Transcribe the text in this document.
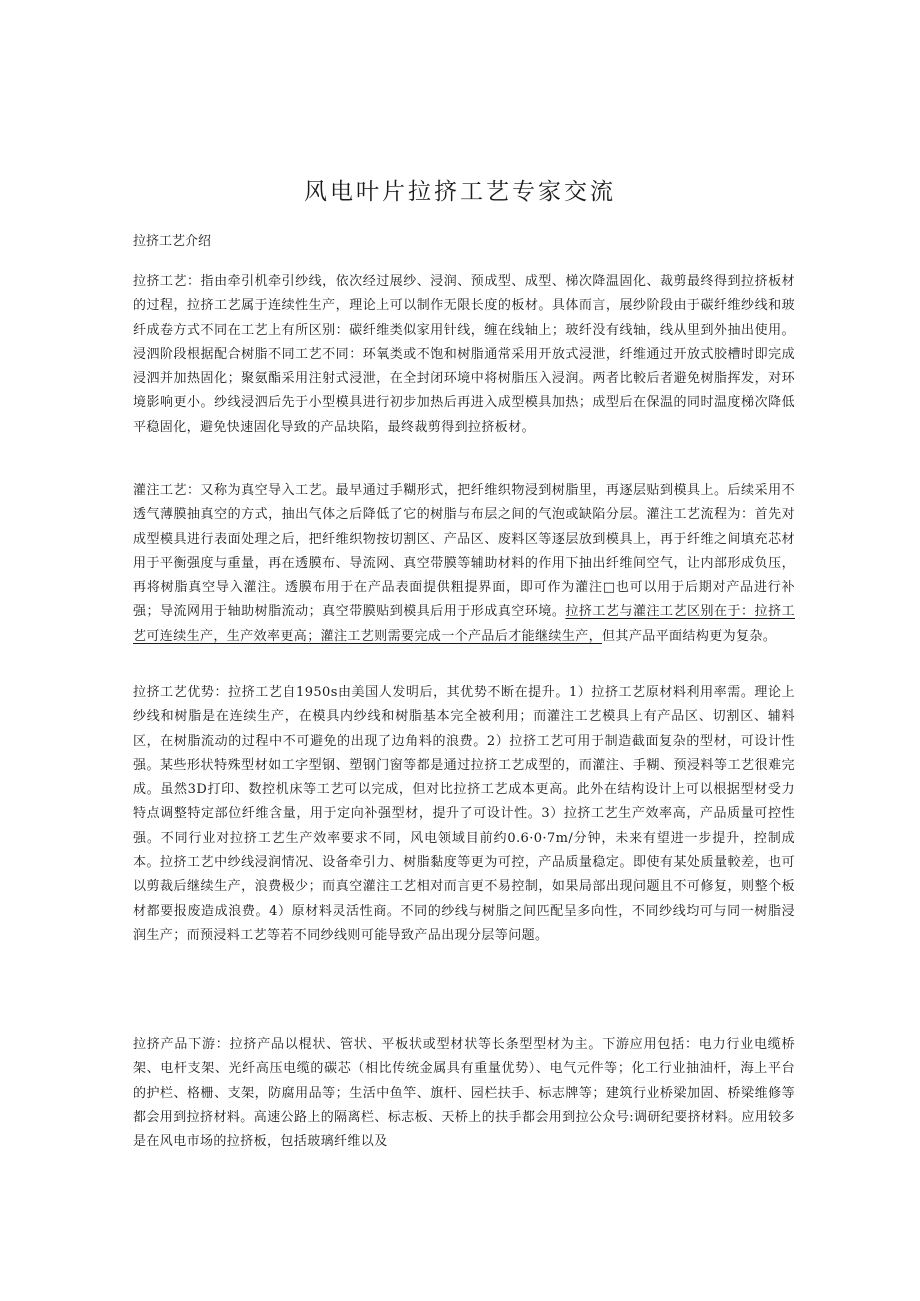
风电叶片拉挤工艺专家交流

拉挤工艺介绍

拉挤工艺：指由牵引机牵引纱线，依次经过展纱、浸润、预成型、成型、梯次降温固化、裁剪最终得到拉挤板材的过程，拉挤工艺属于连续性生产，理论上可以制作无限长度的板材。具体而言，展纱阶段由于碳纤维纱线和玻纤成卷方式不同在工艺上有所区别：碳纤维类似家用针线，缠在线轴上；玻纤没有线轴，线从里到外抽出使用。浸泗阶段根据配合树脂不同工艺不同：环氧类或不饱和树脂通常采用开放式浸泄，纤维通过开放式胶槽时即完成浸泗并加热固化；聚氨酯采用注射式浸泄，在全封闭环境中将树脂压入浸润。两者比較后者避免树脂挥发，对环境影响更小。纱线浸泗后先于小型模具进行初步加热后再进入成型模具加热；成型后在保温的同时温度梯次降低平稳固化，避免快速固化导致的产品块陷，最终裁剪得到拉挤板材。

灌注工艺：又称为真空导入工艺。最早通过手糊形式，把纤维织物浸到树脂里，再逐层贴到模具上。后续采用不透气薄膜抽真空的方式，抽出气体之后降低了它的树脂与布层之间的气泡或缺陷分层。灌注工艺流程为：首先对成型模具进行表面处理之后，把纤维织物按切割区、产品区、废料区等逐层放到模具上，再于纤维之间填充芯材用于平衡强度与重量，再在透膜布、导流网、真空带膜等辅助材料的作用下抽出纤维间空气，让内部形成负压，再将树脂真空导入灌注。透膜布用于在产品表面提供粗提界面，即可作为灌注□也可以用于后期对产品进行补强；导流网用于轴助树脂流动；真空带膜贴到模具后用于形成真空环境。拉挤工艺与灌注工艺区别在于：拉挤工艺可连续生产，生产效率更高；灌注工艺则需要完成一个产品后才能继续生产，但其产品平面结构更为复杂。

拉挤工艺优势：拉挤工艺自1950s由美国人发明后，其优势不断在提升。1）拉挤工艺原材料利用率需。理论上纱线和树脂是在连续生产，在模具内纱线和树脂基本完全被利用；而灌注工艺模具上有产品区、切割区、辅料区，在树脂流动的过程中不可避免的出现了边角料的浪费。2）拉挤工艺可用于制造截面复杂的型材，可设计性强。某些形状特殊型材如工字型钢、塑钢门窗等都是通过拉挤工艺成型的，而灌注、手糊、预浸料等工艺很难完成。虽然3D打印、数控机床等工艺可以完成，但对比拉挤工艺成本更高。此外在结构设计上可以根据型材受力特点调整特定部位纤维含量，用于定向补强型材，提升了可设计性。3）拉挤工艺生产效率高，产品质量可控性强。不同行业对拉挤工艺生产效率要求不同，风电领域目前约0.6·0·7m/分钟，未来有望进一步提升，控制成本。拉挤工艺中纱线浸润情况、设备牵引力、树脂黏度等更为可控，产品质量稳定。即使有某处质量較差，也可以剪裁后继续生产，浪费极少；而真空灌注工艺相对而言更不易控制，如果局部出现问题且不可修复，则整个板材都要报废造成浪费。4）原材料灵活性商。不同的纱线与树脂之间匹配呈多向性，不同纱线均可与同一树脂浸润生产；而预浸料工艺等若不同纱线则可能导致产品出现分层等问题。

拉挤产品下游：拉挤产品以棍状、管状、平板状或型材状等长条型型材为主。下游应用包括：电力行业电缆桥架、电杆支架、光纤高压电缆的碳芯（相比传统金属具有重量优势）、电气元件等；化工行业抽油杆，海上平台的护栏、格栅、支架，防腐用品等；生活中鱼竿、旗杆、园栏扶手、标志牌等；建筑行业桥梁加固、桥梁维修等都会用到拉挤材料。高速公路上的隔离栏、标志板、天桥上的扶手都会用到拉公众号:调研纪要挤材料。应用较多是在风电市场的拉挤板，包括玻璃纤维以及
